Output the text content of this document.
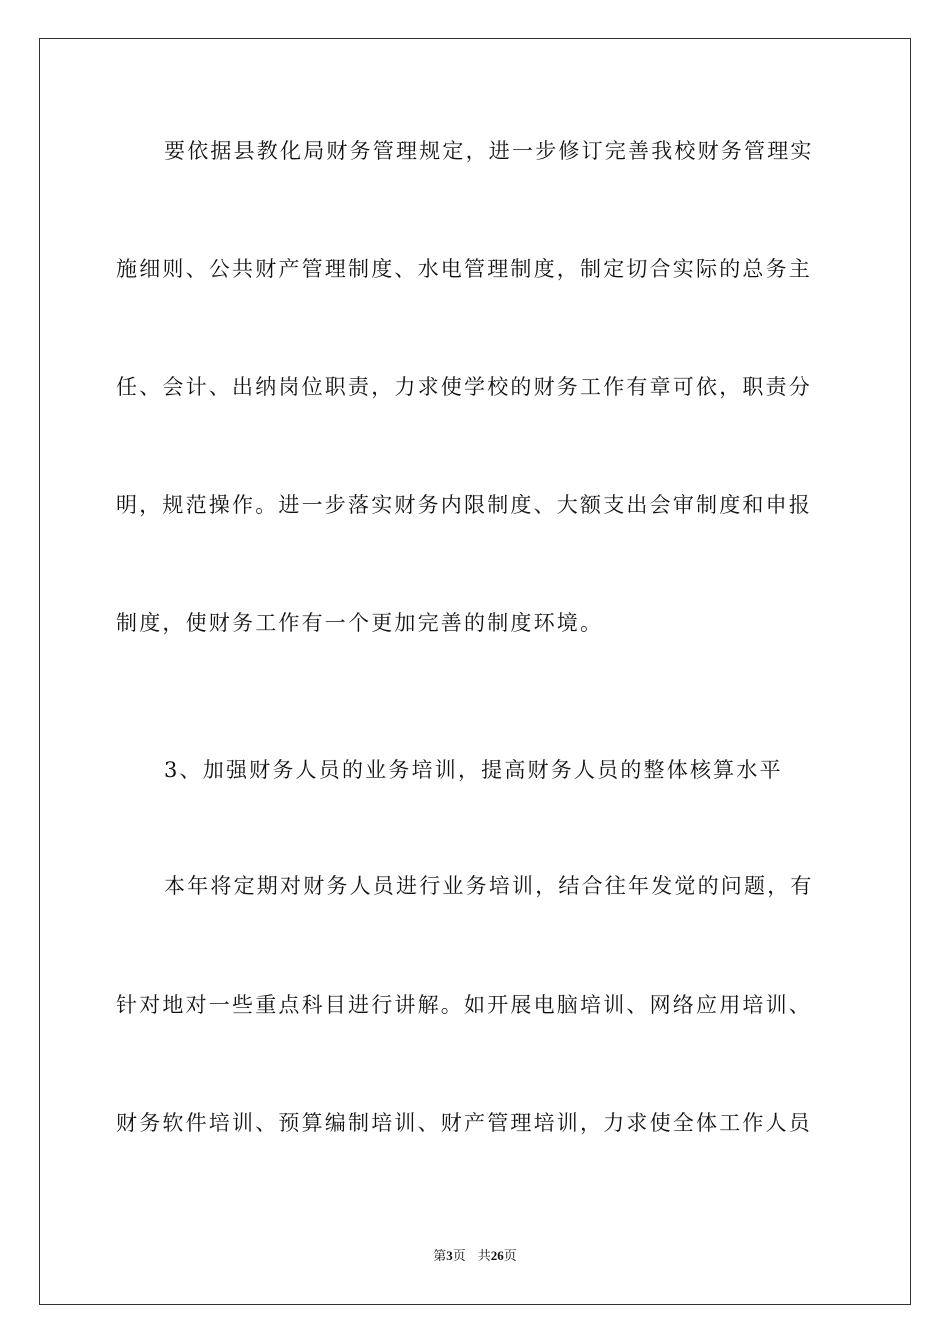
要依据县教化局财务管理规定，进一步修订完善我校财务管理实
施细则、公共财产管理制度、水电管理制度，制定切合实际的总务主
任、会计、出纳岗位职责，力求使学校的财务工作有章可依，职责分
明，规范操作。进一步落实财务内限制度、大额支出会审制度和申报
制度，使财务工作有一个更加完善的制度环境。
3、加强财务人员的业务培训，提高财务人员的整体核算水平
本年将定期对财务人员进行业务培训，结合往年发觉的问题，有
针对地对一些重点科目进行讲解。如开展电脑培训、网络应用培训、
财务软件培训、预算编制培训、财产管理培训，力求使全体工作人员
第3页 共26页
